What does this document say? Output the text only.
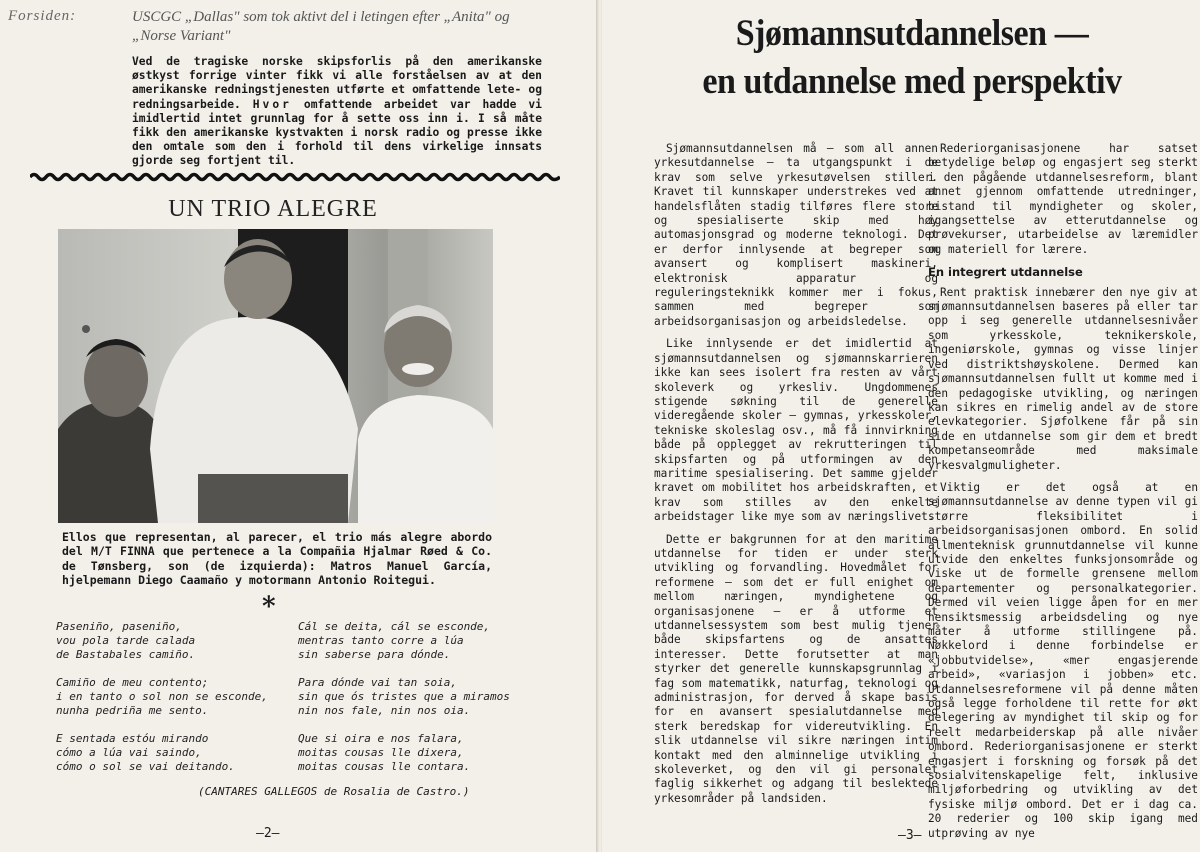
Forsiden:	USCGC „Dallas" som tok aktivt del i letingen efter „Anita" og „Norse Variant"
Ved de tragiske norske skipsforlis på den amerikanske østkyst forrige vinter fikk vi alle forståelsen av at den amerikanske redningstjenesten utførte et omfattende lete- og redningsarbeide. Hvor omfattende arbeidet var hadde vi imidlertid intet grunnlag for å sette oss inn i. I så måte fikk den amerikanske kystvakten i norsk radio og presse ikke den omtale som den i forhold til dens virkelige innsats gjorde seg fortjent til.
UN TRIO ALEGRE
Ellos que representan, al parecer, el trio más alegre abordo del M/T FINNA que pertenece a la Compañia Hjalmar Røed & Co. de Tønsberg, son (de izquierda): Matros Manuel García, hjelpemann Diego Caamaño y motormann Antonio Roitegui.
*
Paseniño, paseniño,
vou pola tarde calada
de Bastabales camiño.
Camiño de meu contento;
i en tanto o sol non se esconde,
nunha pedriña me sento.
E sentada estóu mirando
cómo a lúa vai saindo,
cómo o sol se vai deitando.
Cál se deita, cál se esconde,
mentras tanto corre a lúa
sin saberse para dónde.
Para dónde vai tan soia,
sin que ós tristes que a miramos
nin nos fale, nin nos oia.
Que si oira e nos falara,
moitas cousas lle dixera,
moitas cousas lle contara.
(CANTARES GALLEGOS de Rosalia de Castro.)
—2—
Sjømannsutdannelsen —
en utdannelse med perspektiv

Sjømannsutdannelsen må — som all annen yrkesutdannelse — ta utgangspunkt i de krav som selve yrkesutøvelsen stiller. Kravet til kunnskaper understrekes ved at handelsflåten stadig tilføres flere store og spesialiserte skip med høy automasjonsgrad og moderne teknologi. Det er derfor innlysende at begreper som avansert og komplisert maskineri, elektronisk apparatur og reguleringsteknikk kommer mer i fokus, sammen med begreper som arbeidsorganisasjon og arbeidsledelse.

Like innlysende er det imidlertid at sjømannsutdannelsen og sjømannskarrieren ikke kan sees isolert fra resten av vårt skoleverk og yrkesliv. Ungdommenes stigende søkning til de generelle videregående skoler — gymnas, yrkesskoler, tekniske skoleslag osv., må få innvirkning både på opplegget av rekrutteringen til skipsfarten og på utformingen av den maritime spesialisering. Det samme gjelder kravet om mobilitet hos arbeidskraften, et krav som stilles av den enkelte arbeidstager like mye som av næringslivet.

Dette er bakgrunnen for at den maritime utdannelse for tiden er under sterk utvikling og forvandling. Hovedmålet for reformene — som det er full enighet om mellom næringen, myndighetene og organisasjonene — er å utforme et utdannelsessystem som best mulig tjener både skipsfartens og de ansattes interesser. Dette forutsetter at man styrker det generelle kunnskapsgrunnlag i fag som matematikk, naturfag, teknologi og administrasjon, for derved å skape basis for en avansert spesialutdannelse med sterk beredskap for videreutvikling. En slik utdannelse vil sikre næringen intim kontakt med den alminnelige utvikling i skoleverket, og den vil gi personalet faglig sikkerhet og adgang til beslektede yrkesområder på landsiden.

Rederiorganisasjonene har satset betydelige beløp og engasjert seg sterkt i den pågående utdannelsesreform, blant annet gjennom omfattende utredninger, bistand til myndigheter og skoler, igangsettelse av etterutdannelse og prøvekurser, utarbeidelse av læremidler og materiell for lærere.

En integrert utdannelse

Rent praktisk innebærer den nye giv at sjømannsutdannelsen baseres på eller tar opp i seg generelle utdannelsesnivåer som yrkesskole, teknikerskole, ingeniørskole, gymnas og visse linjer ved distriktshøyskolene. Dermed kan sjømannsutdannelsen fullt ut komme med i den pedagogiske utvikling, og næringen kan sikres en rimelig andel av de store elevkategorier. Sjøfolkene får på sin side en utdannelse som gir dem et bredt kompetanseområde med maksimale yrkesvalgmuligheter.

Viktig er det også at en sjømannsutdannelse av denne typen vil gi større fleksibilitet i arbeidsorganisasjonen ombord. En solid allmenteknisk grunnutdannelse vil kunne utvide den enkeltes funksjonsområde og viske ut de formelle grensene mellom departementer og personalkategorier. Dermed vil veien ligge åpen for en mer hensiktsmessig arbeidsdeling og nye måter å utforme stillingene på. Nøkkelord i denne forbindelse er «jobbutvidelse», «mer engasjerende arbeid», «variasjon i jobben» etc. Utdannelsesreformene vil på denne måten også legge forholdene til rette for økt delegering av myndighet til skip og for reelt medarbeiderskap på alle nivåer ombord. Rederiorganisasjonene er sterkt engasjert i forskning og forsøk på det sosialvitenskapelige felt, inklusive miljøforbedring og utvikling av det fysiske miljø ombord. Det er i dag ca. 20 rederier og 100 skip igang med utprøving av nye

—3—
